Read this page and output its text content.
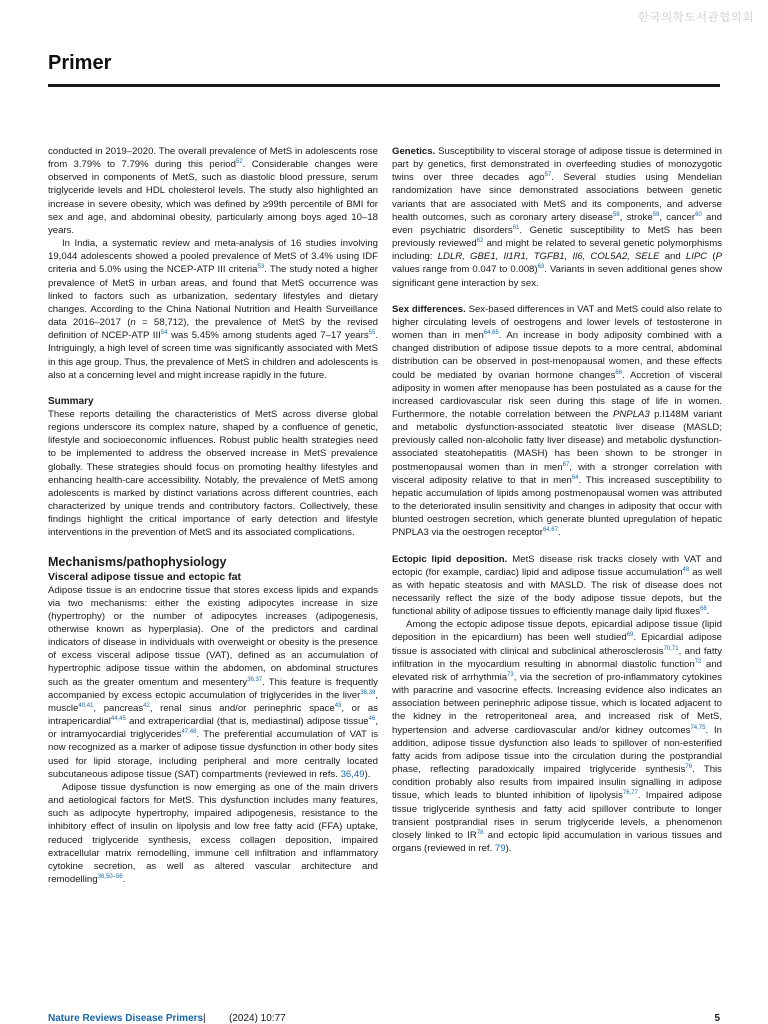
한국의학도서관협의회
Primer

conducted in 2019–2020. The overall prevalence of MetS in adolescents rose from 3.79% to 7.79% during this period$^{52}$. Considerable changes were observed in components of MetS, such as diastolic blood pressure, serum triglyceride levels and HDL cholesterol levels. The study also highlighted an increase in severe obesity, which was defined by ≥99th percentile of BMI for sex and age, and abdominal obesity, particularly among boys aged 10–18 years.

In India, a systematic review and meta-analysis of 16 studies involving 19,044 adolescents showed a pooled prevalence of MetS of 3.4% using IDF criteria and 5.0% using the NCEP-ATP III criteria$^{53}$. The study noted a higher prevalence of MetS in urban areas, and found that MetS occurrence was linked to factors such as urbanization, sedentary lifestyles and dietary changes. According to the China National Nutrition and Health Surveillance data 2016–2017 (n = 58,712), the prevalence of MetS by the revised definition of NCEP-ATP III$^{54}$ was 5.45% among students aged 7–17 years$^{55}$. Intriguingly, a high level of screen time was significantly associated with MetS in this age group. Thus, the prevalence of MetS in children and adolescents is also at a concerning level and might increase rapidly in the future.

Summary

These reports detailing the characteristics of MetS across diverse global regions underscore its complex nature, shaped by a confluence of genetic, lifestyle and socioeconomic influences. Robust public health strategies need to be implemented to address the observed increase in MetS prevalence globally. These strategies should focus on promoting healthy lifestyles and enhancing health-care accessibility. Notably, the prevalence of MetS among adolescents is marked by distinct variations across different countries, each characterized by unique trends and contributory factors. Collectively, these findings highlight the critical importance of early detection and lifestyle interventions in the prevention of MetS and its associated complications.

Mechanisms/pathophysiology

Visceral adipose tissue and ectopic fat

Adipose tissue is an endocrine tissue that stores excess lipids and expands via two mechanisms: either the existing adipocytes increase in size (hypertrophy) or the number of adipocytes increases (adipogenesis, otherwise known as hyperplasia). One of the predictors and cardinal indicators of disease in individuals with overweight or obesity is the presence of excess visceral adipose tissue (VAT), defined as an accumulation of hypertrophic adipose tissue within the abdomen, on abdominal structures such as the greater omentum and mesentery$^{36,37}$. This feature is frequently accompanied by excess ectopic accumulation of triglycerides in the liver$^{38,39}$, muscle$^{40,41}$, pancreas$^{42}$, renal sinus and/or perinephric space$^{43}$, or as intrapericardial$^{44,45}$ and extrapericardial (that is, mediastinal) adipose tissue$^{46}$, or intramyocardial triglycerides$^{47,48}$. The preferential accumulation of VAT is now recognized as a marker of adipose tissue dysfunction in other body sites used for lipid storage, including peripheral and more centrally located subcutaneous adipose tissue (SAT) compartments (reviewed in refs. 36,49).

Adipose tissue dysfunction is now emerging as one of the main drivers and aetiological factors for MetS. This dysfunction includes many features, such as adipocyte hypertrophy, impaired adipogenesis, resistance to the inhibitory effect of insulin on lipolysis and low free fatty acid (FFA) uptake, reduced triglyceride synthesis, excess collagen deposition, impaired extracellular matrix remodelling, immune cell infiltration and inflammatory cytokine secretion, as well as altered vascular architecture and remodelling$^{36,50-56}$.

Genetics. Susceptibility to visceral storage of adipose tissue is determined in part by genetics, first demonstrated in overfeeding studies of monozygotic twins over three decades ago$^{57}$. Several studies using Mendelian randomization have since demonstrated associations between genetic variants that are associated with MetS and its components, and adverse health outcomes, such as coronary artery disease$^{58}$, stroke$^{59}$, cancer$^{60}$ and even psychiatric disorders$^{61}$. Genetic susceptibility to MetS has been previously reviewed$^{62}$ and might be related to several genetic polymorphisms including: LDLR, GBE1, Il1R1, TGFB1, Il6, COL5A2, SELE and LIPC (P values range from 0.047 to 0.008)$^{63}$. Variants in seven additional genes show significant gene interaction by sex.

Sex differences. Sex-based differences in VAT and MetS could also relate to higher circulating levels of oestrogens and lower levels of testosterone in women than in men$^{64,65}$. An increase in body adiposity combined with a changed distribution of adipose tissue depots to a more central, abdominal distribution can be observed in post-menopausal women, and these effects could be mediated by ovarian hormone changes$^{66}$. Accretion of visceral adiposity in women after menopause has been postulated as a cause for the increased cardiovascular risk seen during this stage of life in women. Furthermore, the notable correlation between the PNPLA3 p.I148M variant and metabolic dysfunction-associated steatotic liver disease (MASLD; previously called non-alcoholic fatty liver disease) and metabolic dysfunction-associated steatohepatitis (MASH) has been shown to be stronger in postmenopausal women than in men$^{67}$, with a stronger correlation with visceral adiposity relative to that in men$^{64}$. This increased susceptibility to hepatic accumulation of lipids among postmenopausal women was attributed to the deteriorated insulin sensitivity and changes in adiposity that occur with blunted oestrogen secretion, which generate blunted upregulation of hepatic PNPLA3 via the oestrogen receptor$^{64,67}$.

Ectopic lipid deposition. MetS disease risk tracks closely with VAT and ectopic (for example, cardiac) lipid and adipose tissue accumulation$^{48}$ as well as with hepatic steatosis and with MASLD. The risk of disease does not necessarily reflect the size of the body adipose tissue depots, but the functional ability of adipose tissues to efficiently manage daily lipid fluxes$^{68}$.

Among the ectopic adipose tissue depots, epicardial adipose tissue (lipid deposition in the epicardium) has been well studied$^{69}$. Epicardial adipose tissue is associated with clinical and subclinical atherosclerosis$^{70,71}$, and fatty infiltration in the myocardium resulting in abnormal diastolic function$^{72}$ and elevated risk of arrhythmia$^{73}$, via the secretion of pro-inflammatory cytokines with paracrine and vasocrine effects. Increasing evidence also indicates an association between perinephric adipose tissue, which is located adjacent to the kidney in the retroperitoneal area, and increased risk of MetS, hypertension and adverse cardiovascular and/or kidney outcomes$^{74,75}$. In addition, adipose tissue dysfunction also leads to spillover of non-esterified fatty acids from adipose tissue into the circulation during the postprandial phase, reflecting paradoxically impaired triglyceride synthesis$^{76}$. This condition probably also results from impaired insulin signalling in adipose tissue, which leads to blunted inhibition of lipolysis$^{76,77}$. Impaired adipose tissue triglyceride synthesis and fatty acid spillover contribute to longer transient postprandial rises in serum triglyceride levels, a phenomenon closely linked to IR$^{78}$ and ectopic lipid accumulation in various tissues and organs (reviewed in ref. 79).

Nature Reviews Disease Primers | (2024) 10:77	5
